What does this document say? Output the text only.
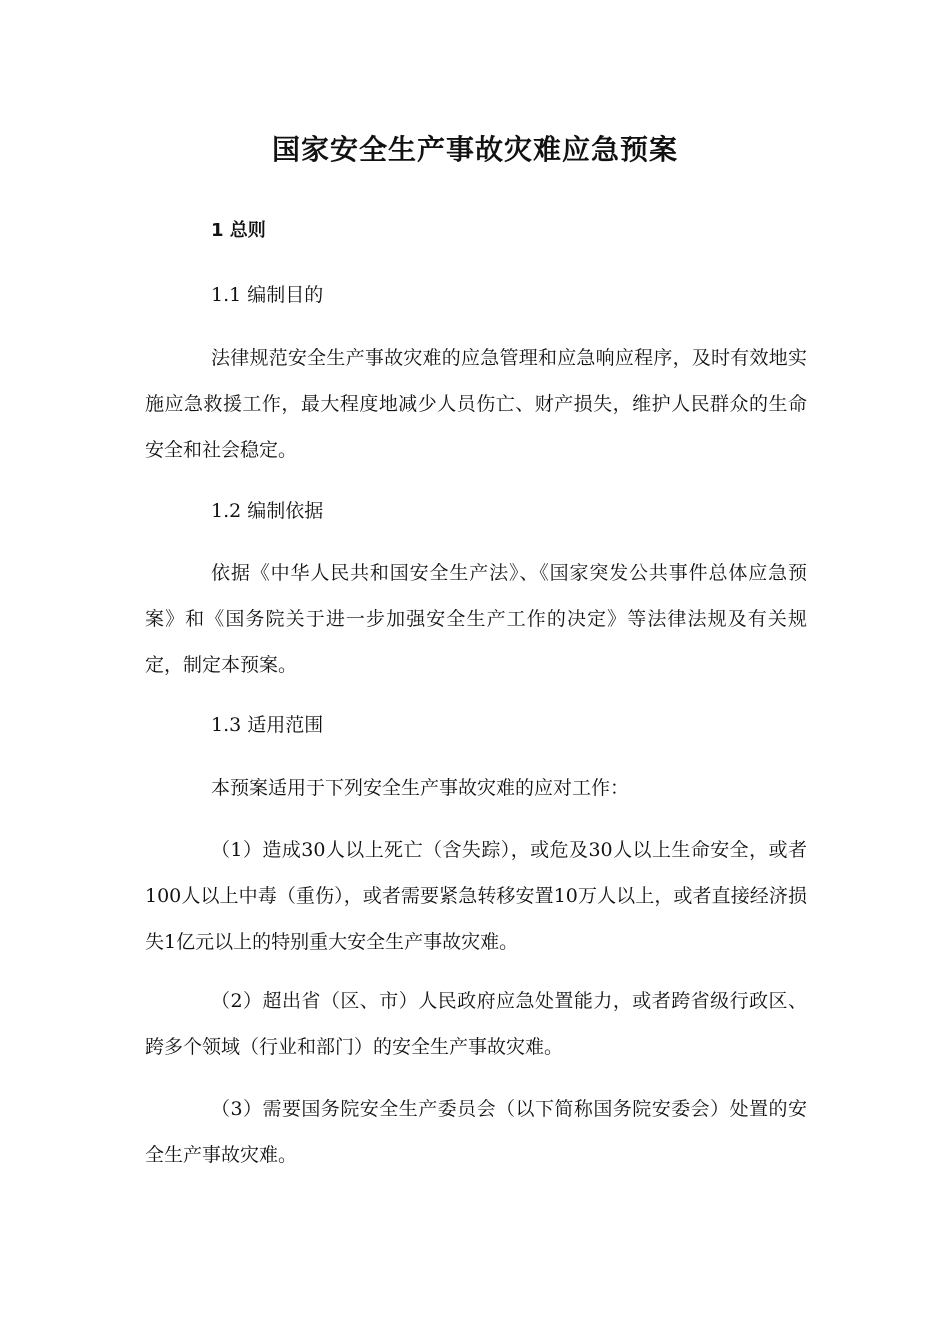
国家安全生产事故灾难应急预案
1 总则
1.1 编制目的
法律规范安全生产事故灾难的应急管理和应急响应程序，及时有效地实施应急救援工作，最大程度地减少人员伤亡、财产损失，维护人民群众的生命安全和社会稳定。
1.2 编制依据
依据《中华人民共和国安全生产法》、《国家突发公共事件总体应急预案》和《国务院关于进一步加强安全生产工作的决定》等法律法规及有关规定，制定本预案。
1.3 适用范围
本预案适用于下列安全生产事故灾难的应对工作：
（1）造成30人以上死亡（含失踪），或危及30人以上生命安全，或者100人以上中毒（重伤），或者需要紧急转移安置10万人以上，或者直接经济损失1亿元以上的特别重大安全生产事故灾难。
（2）超出省（区、市）人民政府应急处置能力，或者跨省级行政区、跨多个领域（行业和部门）的安全生产事故灾难。
（3）需要国务院安全生产委员会（以下简称国务院安委会）处置的安全生产事故灾难。
